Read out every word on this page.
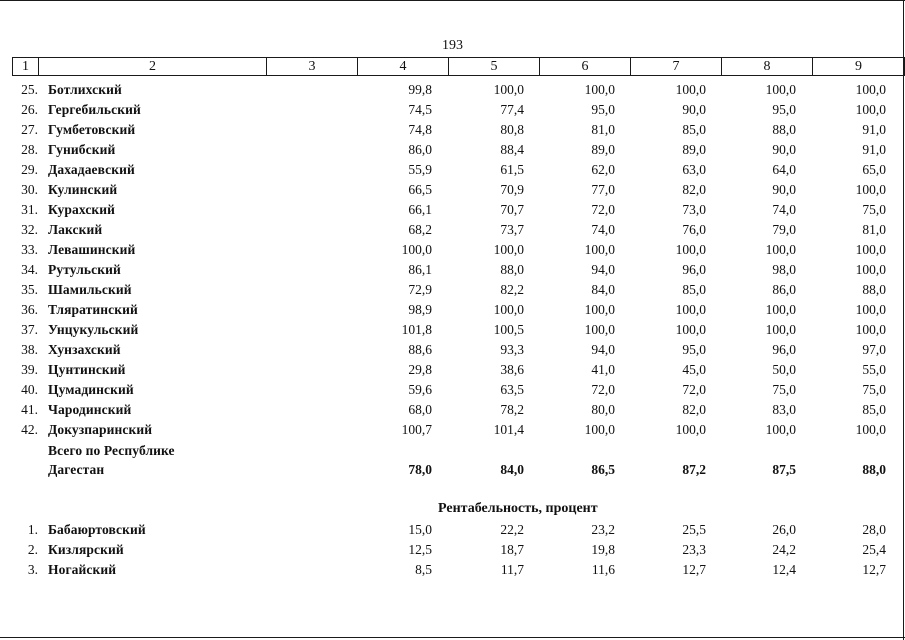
193
1	2	3	4	5	6	7	8	9
25. Ботлихский	99,8	100,0	100,0	100,0	100,0	100,0
26. Гергебильский	74,5	77,4	95,0	90,0	95,0	100,0
27. Гумбетовский	74,8	80,8	81,0	85,0	88,0	91,0
28. Гунибский	86,0	88,4	89,0	89,0	90,0	91,0
29. Дахадаевский	55,9	61,5	62,0	63,0	64,0	65,0
30. Кулинский	66,5	70,9	77,0	82,0	90,0	100,0
31. Курахский	66,1	70,7	72,0	73,0	74,0	75,0
32. Лакский	68,2	73,7	74,0	76,0	79,0	81,0
33. Левашинский	100,0	100,0	100,0	100,0	100,0	100,0
34. Рутульский	86,1	88,0	94,0	96,0	98,0	100,0
35. Шамильский	72,9	82,2	84,0	85,0	86,0	88,0
36. Тляратинский	98,9	100,0	100,0	100,0	100,0	100,0
37. Унцукульский	101,8	100,5	100,0	100,0	100,0	100,0
38. Хунзахский	88,6	93,3	94,0	95,0	96,0	97,0
39. Цунтинский	29,8	38,6	41,0	45,0	50,0	55,0
40. Цумадинский	59,6	63,5	72,0	72,0	75,0	75,0
41. Чародинский	68,0	78,2	80,0	82,0	83,0	85,0
42. Докузпаринский	100,7	101,4	100,0	100,0	100,0	100,0
Всего по Республике
Дагестан	78,0	84,0	86,5	87,2	87,5	88,0
1. Бабаюртовский	15,0	22,2	23,2	25,5	26,0	28,0
2. Кизлярский	12,5	18,7	19,8	23,3	24,2	25,4
3. Ногайский	8,5	11,7	11,6	12,7	12,4	12,7
Рентабельность, процент
